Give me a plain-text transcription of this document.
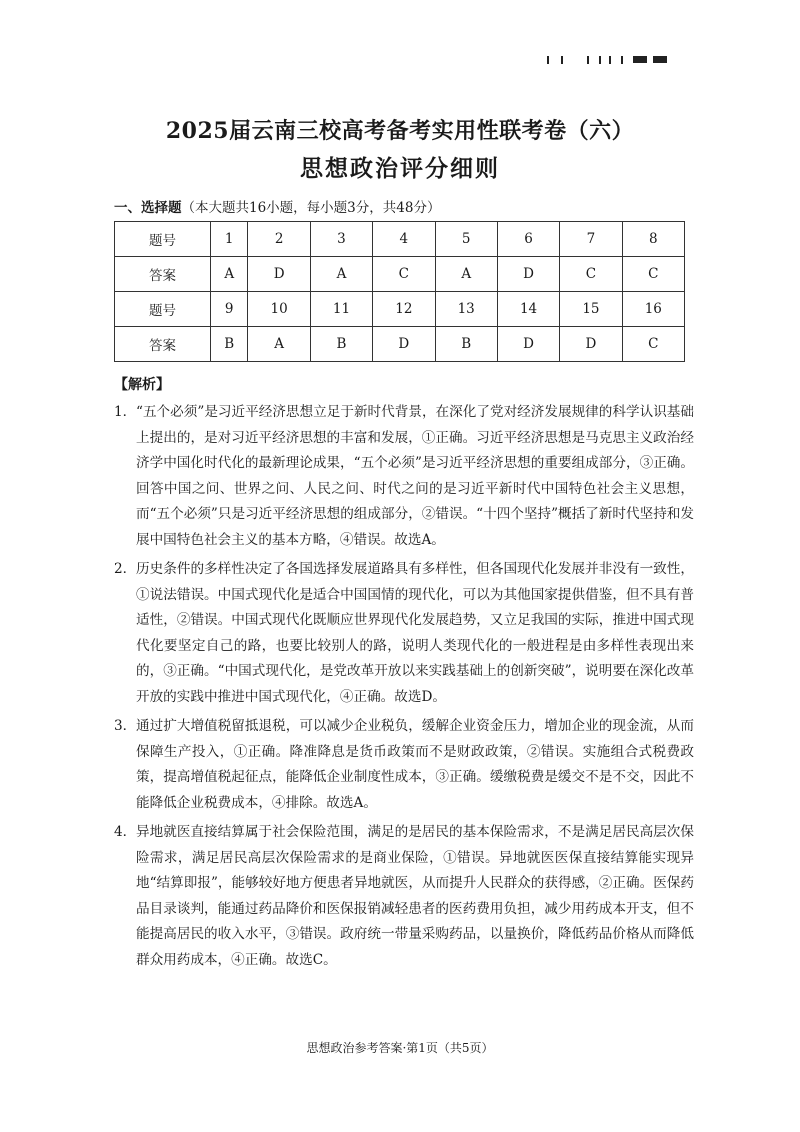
2025届云南三校高考备考实用性联考卷（六）
思想政治评分细则
一、选择题（本大题共16小题，每小题3分，共48分）
题号	1	2	3	4	5	6	7	8
答案	A	D	A	C	A	D	C	C
题号	9	10	11	12	13	14	15	16
答案	B	A	B	D	B	D	D	C
【解析】
1． “五个必须”是习近平经济思想立足于新时代背景，在深化了党对经济发展规律的科学认识基础上提出的，是对习近平经济思想的丰富和发展，①正确。习近平经济思想是马克思主义政治经济学中国化时代化的最新理论成果，“五个必须”是习近平经济思想的重要组成部分，③正确。回答中国之问、世界之问、人民之问、时代之问的是习近平新时代中国特色社会主义思想，而“五个必须”只是习近平经济思想的组成部分，②错误。“十四个坚持”概括了新时代坚持和发展中国特色社会主义的基本方略，④错误。故选A。
2． 历史条件的多样性决定了各国选择发展道路具有多样性，但各国现代化发展并非没有一致性，①说法错误。中国式现代化是适合中国国情的现代化，可以为其他国家提供借鉴，但不具有普适性，②错误。中国式现代化既顺应世界现代化发展趋势，又立足我国的实际，推进中国式现代化要坚定自己的路，也要比较别人的路，说明人类现代化的一般进程是由多样性表现出来的，③正确。“中国式现代化，是党改革开放以来实践基础上的创新突破”，说明要在深化改革开放的实践中推进中国式现代化，④正确。故选D。
3． 通过扩大增值税留抵退税，可以减少企业税负，缓解企业资金压力，增加企业的现金流，从而保障生产投入，①正确。降准降息是货币政策而不是财政政策，②错误。实施组合式税费政策，提高增值税起征点，能降低企业制度性成本，③正确。缓缴税费是缓交不是不交，因此不能降低企业税费成本，④排除。故选A。
4． 异地就医直接结算属于社会保险范围，满足的是居民的基本保险需求，不是满足居民高层次保险需求，满足居民高层次保险需求的是商业保险，①错误。异地就医医保直接结算能实现异地“结算即报”，能够较好地方便患者异地就医，从而提升人民群众的获得感，②正确。医保药品目录谈判，能通过药品降价和医保报销减轻患者的医药费用负担，减少用药成本开支，但不能提高居民的收入水平，③错误。政府统一带量采购药品，以量换价，降低药品价格从而降低群众用药成本，④正确。故选C。
思想政治参考答案·第1页（共5页）
